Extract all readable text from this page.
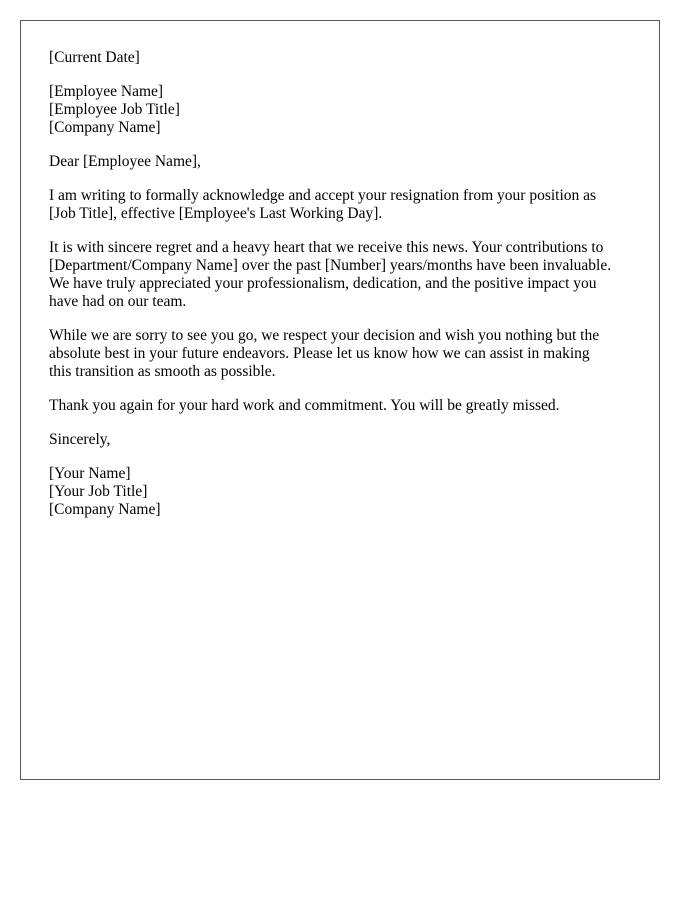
[Current Date]
[Employee Name]
[Employee Job Title]
[Company Name]
Dear [Employee Name],

I am writing to formally acknowledge and accept your resignation from your position as
[Job Title], effective [Employee's Last Working Day].

It is with sincere regret and a heavy heart that we receive this news. Your contributions to
[Department/Company Name] over the past [Number] years/months have been invaluable.
We have truly appreciated your professionalism, dedication, and the positive impact you
have had on our team.

While we are sorry to see you go, we respect your decision and wish you nothing but the
absolute best in your future endeavors. Please let us know how we can assist in making
this transition as smooth as possible.

Thank you again for your hard work and commitment. You will be greatly missed.

Sincerely,
[Your Name]
[Your Job Title]
[Company Name]
